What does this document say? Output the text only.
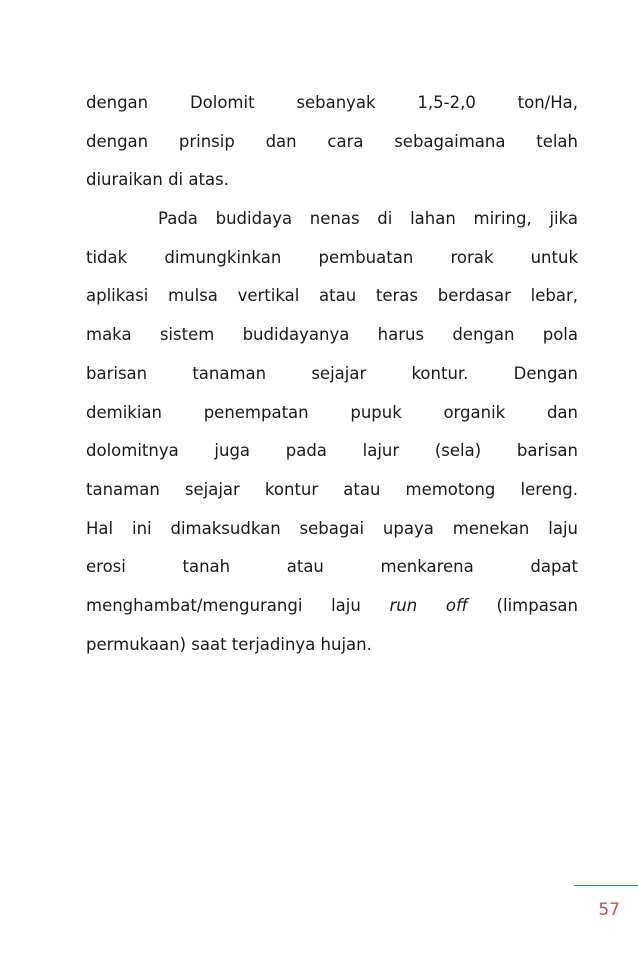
dengan Dolomit sebanyak 1,5-2,0 ton/Ha,
dengan prinsip dan cara sebagaimana telah
diuraikan di atas.
Pada budidaya nenas di lahan miring, jika
tidak dimungkinkan pembuatan rorak untuk
aplikasi mulsa vertikal atau teras berdasar lebar,
maka sistem budidayanya harus dengan pola
barisan tanaman sejajar kontur. Dengan
demikian penempatan pupuk organik dan
dolomitnya juga pada lajur (sela) barisan
tanaman sejajar kontur atau memotong lereng.
Hal ini dimaksudkan sebagai upaya menekan laju
erosi tanah atau menkarena dapat
menghambat/mengurangi laju run off (limpasan
permukaan) saat terjadinya hujan.
57
